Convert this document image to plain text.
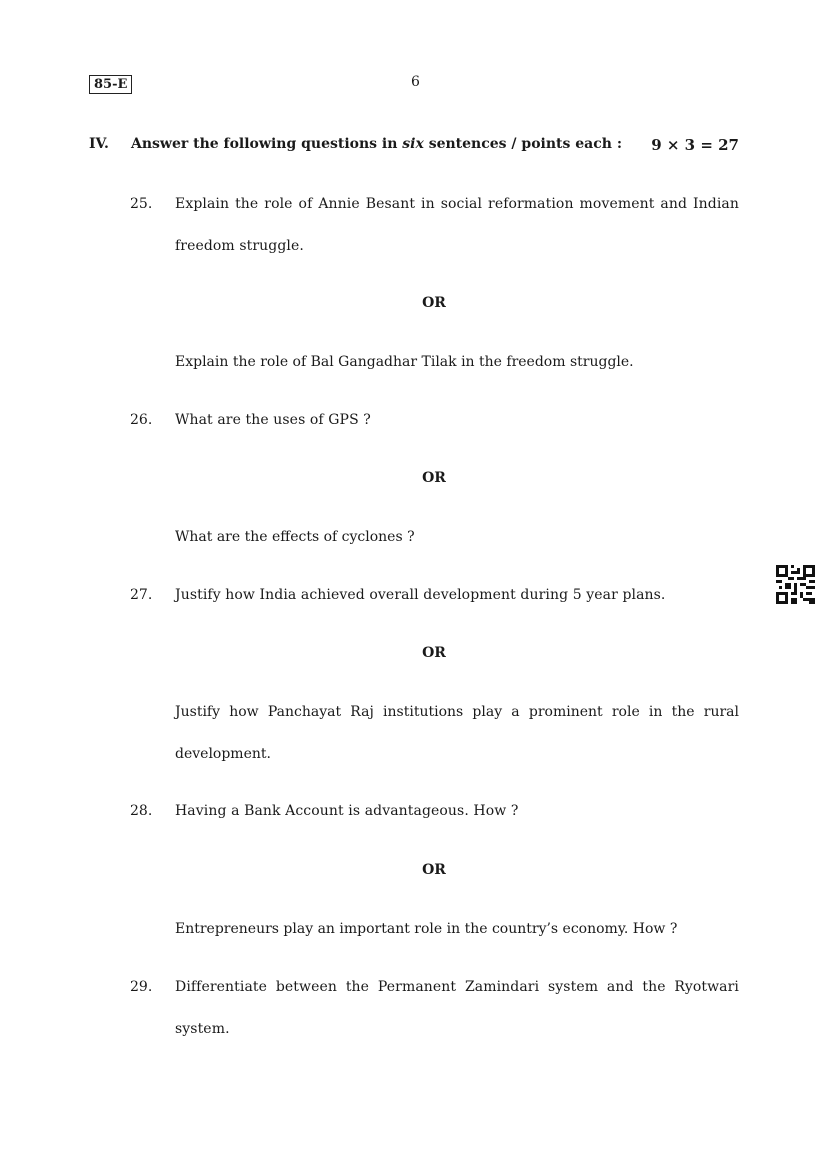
85-E	6
IV. Answer the following questions in six sentences / points each : 9 × 3 = 27
25. Explain the role of Annie Besant in social reformation movement and Indian freedom struggle.
OR
Explain the role of Bal Gangadhar Tilak in the freedom struggle.
26. What are the uses of GPS ?
OR
What are the effects of cyclones ?
27. Justify how India achieved overall development during 5 year plans.
OR
Justify how Panchayat Raj institutions play a prominent role in the rural development.
28. Having a Bank Account is advantageous. How ?
OR
Entrepreneurs play an important role in the country’s economy. How ?
29. Differentiate between the Permanent Zamindari system and the Ryotwari system.
